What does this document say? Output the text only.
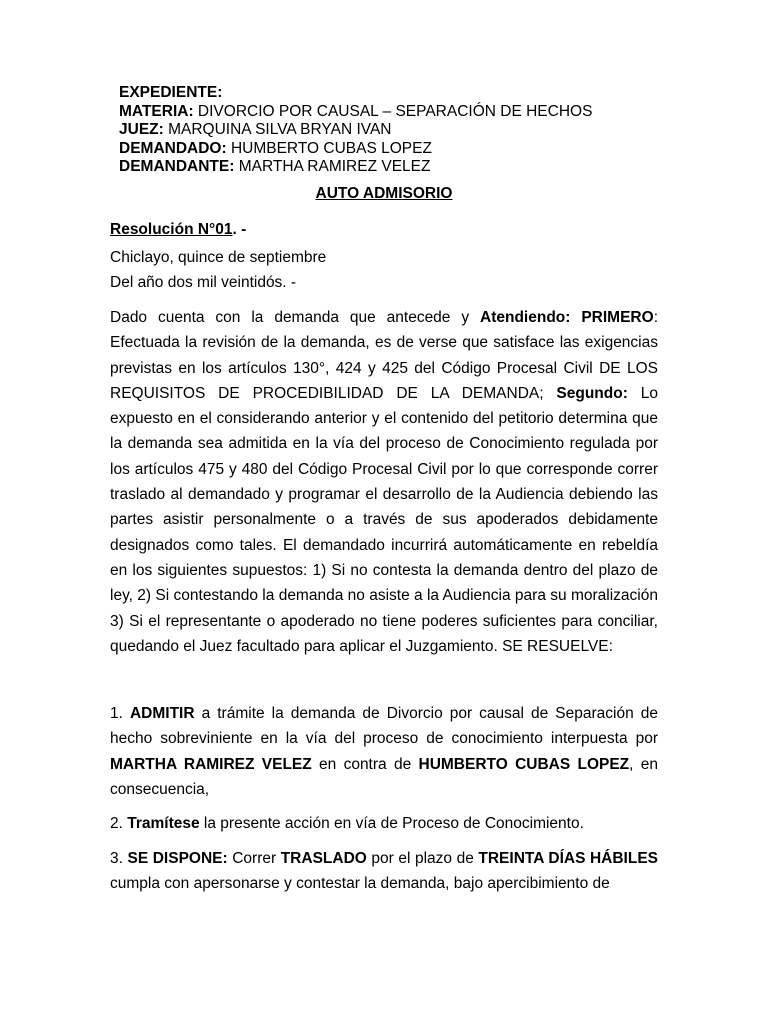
EXPEDIENTE:
MATERIA: DIVORCIO POR CAUSAL – SEPARACIÓN DE HECHOS
JUEZ: MARQUINA SILVA BRYAN IVAN
DEMANDADO: HUMBERTO CUBAS LOPEZ
DEMANDANTE: MARTHA RAMIREZ VELEZ
AUTO ADMISORIO
Resolución N°01. -
Chiclayo, quince de septiembre
Del año dos mil veintidós. -
Dado cuenta con la demanda que antecede y Atendiendo: PRIMERO: Efectuada la revisión de la demanda, es de verse que satisface las exigencias previstas en los artículos 130°, 424 y 425 del Código Procesal Civil DE LOS REQUISITOS DE PROCEDIBILIDAD DE LA DEMANDA; Segundo: Lo expuesto en el considerando anterior y el contenido del petitorio determina que la demanda sea admitida en la vía del proceso de Conocimiento regulada por los artículos 475 y 480 del Código Procesal Civil por lo que corresponde correr traslado al demandado y programar el desarrollo de la Audiencia debiendo las partes asistir personalmente o a través de sus apoderados debidamente designados como tales. El demandado incurrirá automáticamente en rebeldía en los siguientes supuestos: 1) Si no contesta la demanda dentro del plazo de ley, 2) Si contestando la demanda no asiste a la Audiencia para su moralización 3) Si el representante o apoderado no tiene poderes suficientes para conciliar, quedando el Juez facultado para aplicar el Juzgamiento. SE RESUELVE:
1. ADMITIR a trámite la demanda de Divorcio por causal de Separación de hecho sobreviniente en la vía del proceso de conocimiento interpuesta por MARTHA RAMIREZ VELEZ en contra de HUMBERTO CUBAS LOPEZ, en consecuencia,
2. Tramítese la presente acción en vía de Proceso de Conocimiento.
3. SE DISPONE: Correr TRASLADO por el plazo de TREINTA DÍAS HÁBILES cumpla con apersonarse y contestar la demanda, bajo apercibimiento de
